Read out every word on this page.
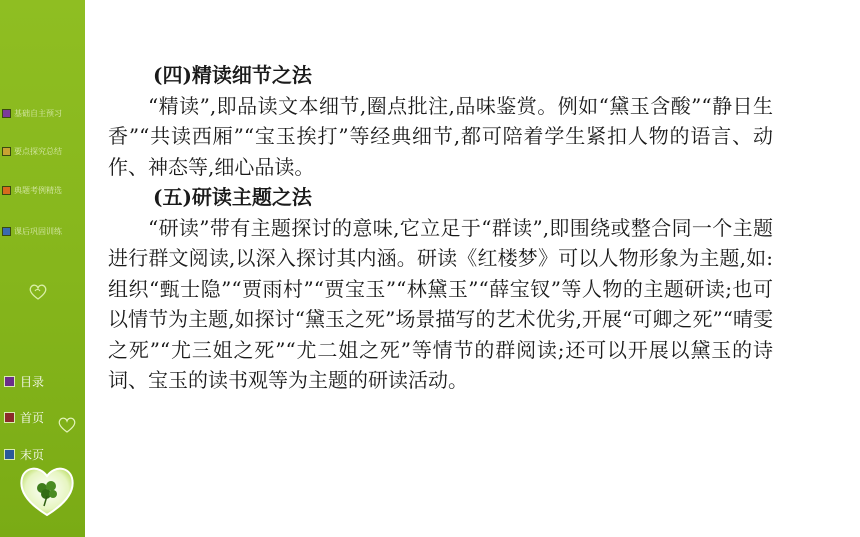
基础自主预习
要点探究总结
典题考例精选
课后巩固训练
目录
首页
末页
(四)精读细节之法
“精读”,即品读文本细节,圈点批注,品味鉴赏。例如“黛玉含酸”“静日生香”“共读西厢”“宝玉挨打”等经典细节,都可陪着学生紧扣人物的语言、动作、神态等,细心品读。
(五)研读主题之法
“研读”带有主题探讨的意味,它立足于“群读”,即围绕或整合同一个主题进行群文阅读,以深入探讨其内涵。研读《红楼梦》可以人物形象为主题,如:组织“甄士隐”“贾雨村”“贾宝玉”“林黛玉”“薛宝钗”等人物的主题研读;也可以情节为主题,如探讨“黛玉之死”场景描写的艺术优劣,开展“可卿之死”“晴雯之死”“尤三姐之死”“尤二姐之死”等情节的群阅读;还可以开展以黛玉的诗词、宝玉的读书观等为主题的研读活动。
